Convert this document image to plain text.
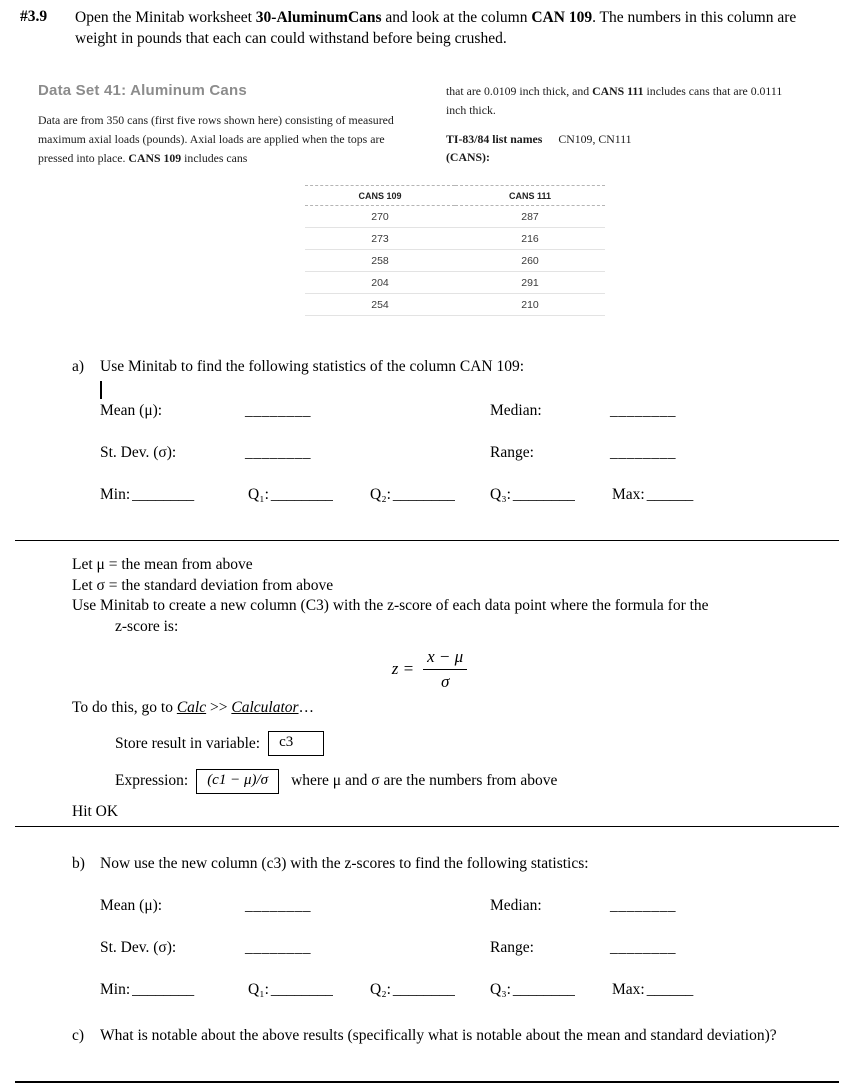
#3.9	Open the Minitab worksheet 30-AluminumCans and look at the column CAN 109. The numbers in this column are weight in pounds that each can could withstand before being crushed.

Data Set 41: Aluminum Cans

Data are from 350 cans (first five rows shown here) consisting of measured maximum axial loads (pounds). Axial loads are applied when the tops are pressed into place. CANS 109 includes cans

that are 0.0109 inch thick, and CANS 111 includes cans that are 0.0111 inch thick.

TI-83/84 list names CN109, CN111
(CANS):

CANS 109	CANS 111
270	287
273	216
258	260
204	291
254	210
a)	Use Minitab to find the following statistics of the column CAN 109:
Mean (μ):	________	Median:	________
St. Dev. (σ):	________	Range:	________
Min: ________	Q₁: ________ Q₂: ________ Q₃: ________ Max: ______
Let μ = the mean from above
Let σ = the standard deviation from above
Use Minitab to create a new column (C3) with the z-score of each data point where the formula for the
z-score is:
$z = \frac{x - \mu}{\sigma}$
To do this, go to Calc >> Calculator…
Store result in variable:	c3
Expression:	(c1 − μ)/σ	where μ and σ are the numbers from above
Hit OK
b) Now use the new column (c3) with the z-scores to find the following statistics:
Mean (μ):	________	Median:	________
St. Dev. (σ):	________	Range:	________
Min: ________	Q₁: ________ Q₂: ________ Q₃: ________ Max: ______
c)	What is notable about the above results (specifically what is notable about the mean and standard deviation)?
